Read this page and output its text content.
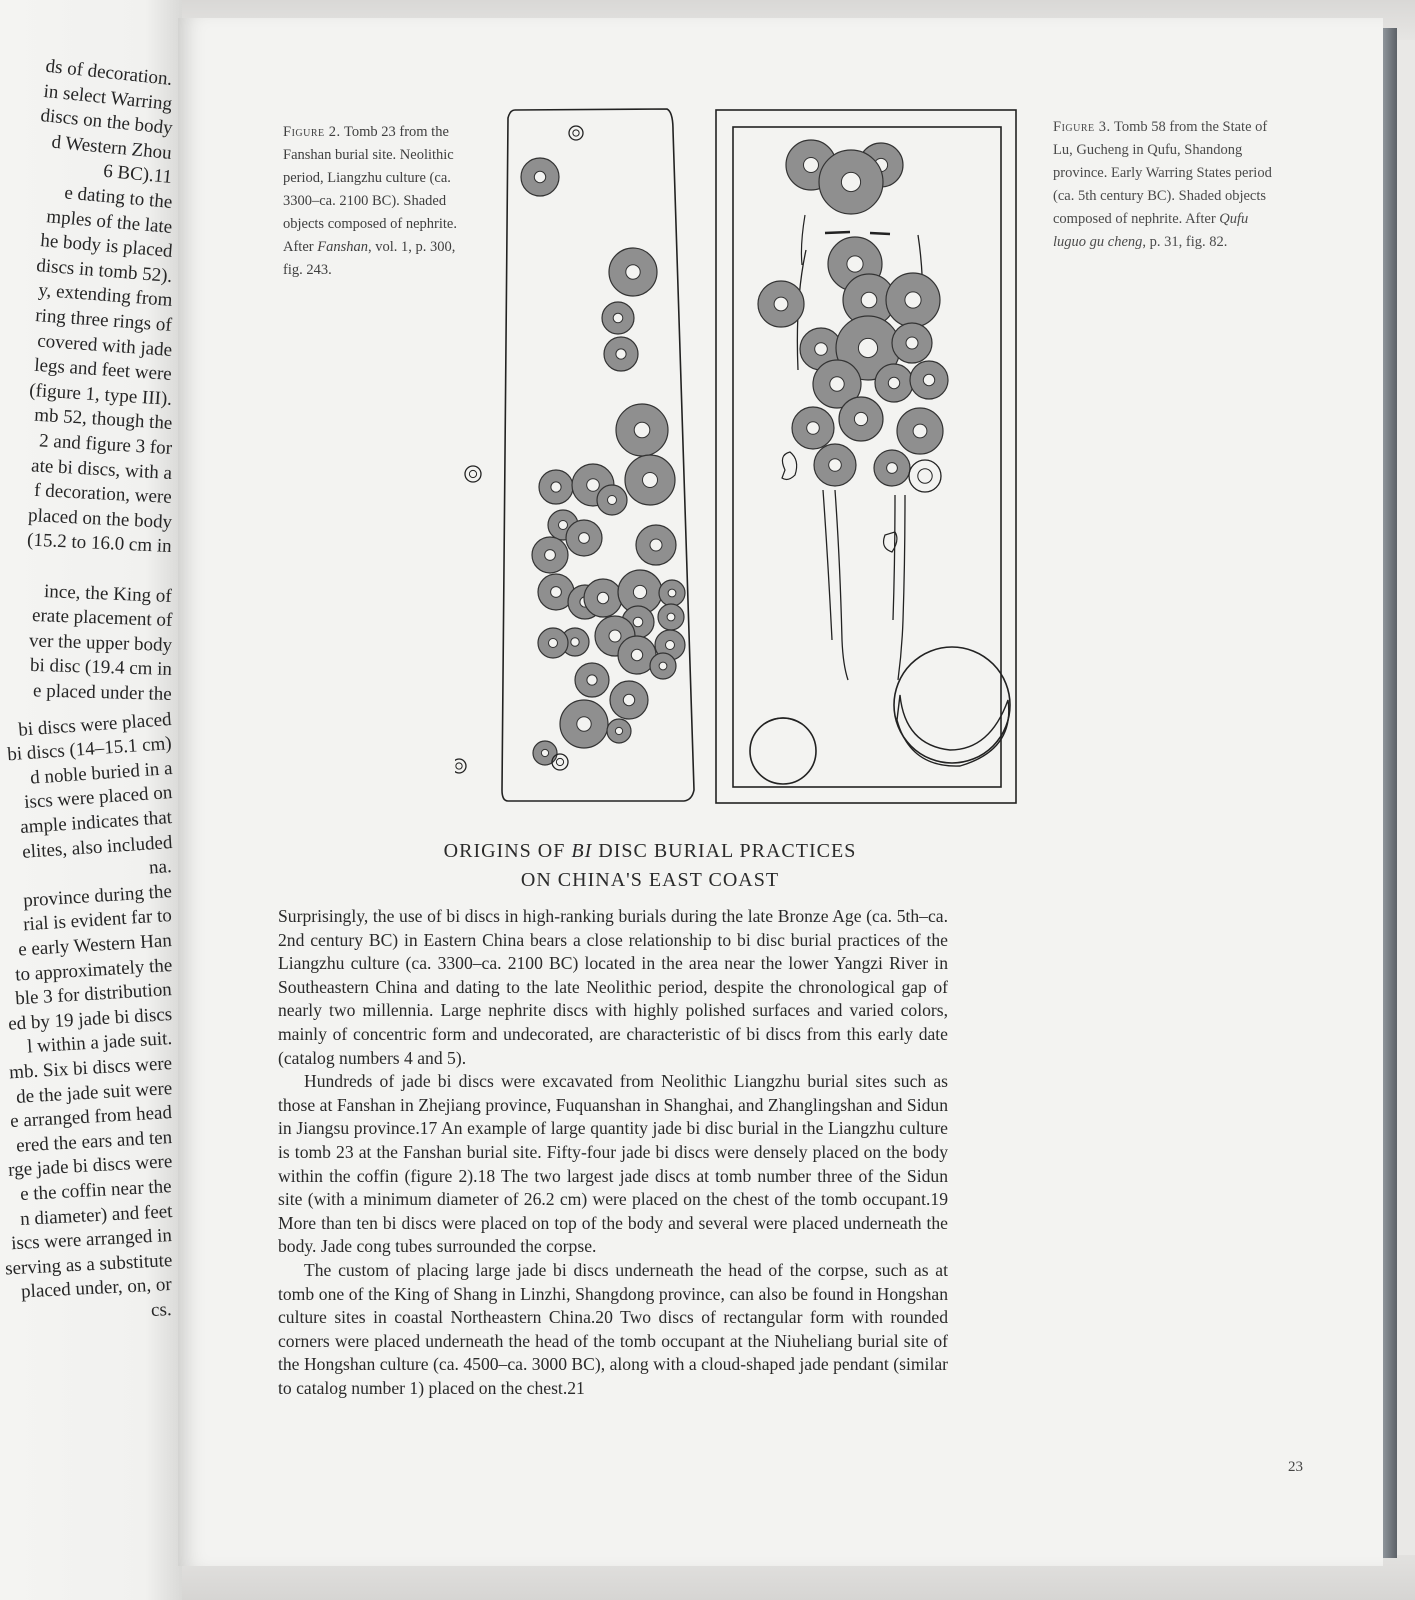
ds of decoration.
in select Warring
discs on the body
d Western Zhou
6 BC).11
e dating to the
mples of the late
he body is placed
discs in tomb 52).
y, extending from
ring three rings of
covered with jade
legs and feet were
(figure 1, type III).
mb 52, though the
2 and figure 3 for
ate bi discs, with a
f decoration, were
placed on the body
(15.2 to 16.0 cm in
ince, the King of
erate placement of
ver the upper body
bi disc (19.4 cm in
e placed under the
bi discs were placed
bi discs (14–15.1 cm)
d noble buried in a
iscs were placed on
ample indicates that
elites, also included
na.
province during the
rial is evident far to
e early Western Han
to approximately the
ble 3 for distribution
ed by 19 jade bi discs
l within a jade suit.
mb. Six bi discs were
de the jade suit were
e arranged from head
ered the ears and ten
rge jade bi discs were
e the coffin near the
n diameter) and feet
iscs were arranged in
serving as a substitute
placed under, on, or
cs.
Figure 2. Tomb 23 from the Fanshan burial site. Neolithic period, Liangzhu culture (ca. 3300–ca. 2100 BC). Shaded objects composed of nephrite. After Fanshan, vol. 1, p. 300, fig. 243.
Figure 3. Tomb 58 from the State of Lu, Gucheng in Qufu, Shandong province. Early Warring States period (ca. 5th century BC). Shaded objects composed of nephrite. After Qufu luguo gu cheng, p. 31, fig. 82.
ORIGINS OF BI DISC BURIAL PRACTICES
ON CHINA'S EAST COAST

Surprisingly, the use of bi discs in high-ranking burials during the late Bronze Age (ca. 5th–ca. 2nd century BC) in Eastern China bears a close relationship to bi disc burial practices of the Liangzhu culture (ca. 3300–ca. 2100 BC) located in the area near the lower Yangzi River in Southeastern China and dating to the late Neolithic period, despite the chronological gap of nearly two millennia. Large nephrite discs with highly polished surfaces and varied colors, mainly of concentric form and undecorated, are characteristic of bi discs from this early date (catalog numbers 4 and 5).

Hundreds of jade bi discs were excavated from Neolithic Liangzhu burial sites such as those at Fanshan in Zhejiang province, Fuquanshan in Shanghai, and Zhanglingshan and Sidun in Jiangsu province.17 An example of large quantity jade bi disc burial in the Liangzhu culture is tomb 23 at the Fanshan burial site. Fifty-four jade bi discs were densely placed on the body within the coffin (figure 2).18 The two largest jade discs at tomb number three of the Sidun site (with a minimum diameter of 26.2 cm) were placed on the chest of the tomb occupant.19 More than ten bi discs were placed on top of the body and several were placed underneath the body. Jade cong tubes surrounded the corpse.

The custom of placing large jade bi discs underneath the head of the corpse, such as at tomb one of the King of Shang in Linzhi, Shangdong province, can also be found in Hongshan culture sites in coastal Northeastern China.20 Two discs of rectangular form with rounded corners were placed underneath the head of the tomb occupant at the Niuheliang burial site of the Hongshan culture (ca. 4500–ca. 3000 BC), along with a cloud-shaped jade pendant (similar to catalog number 1) placed on the chest.21

23
